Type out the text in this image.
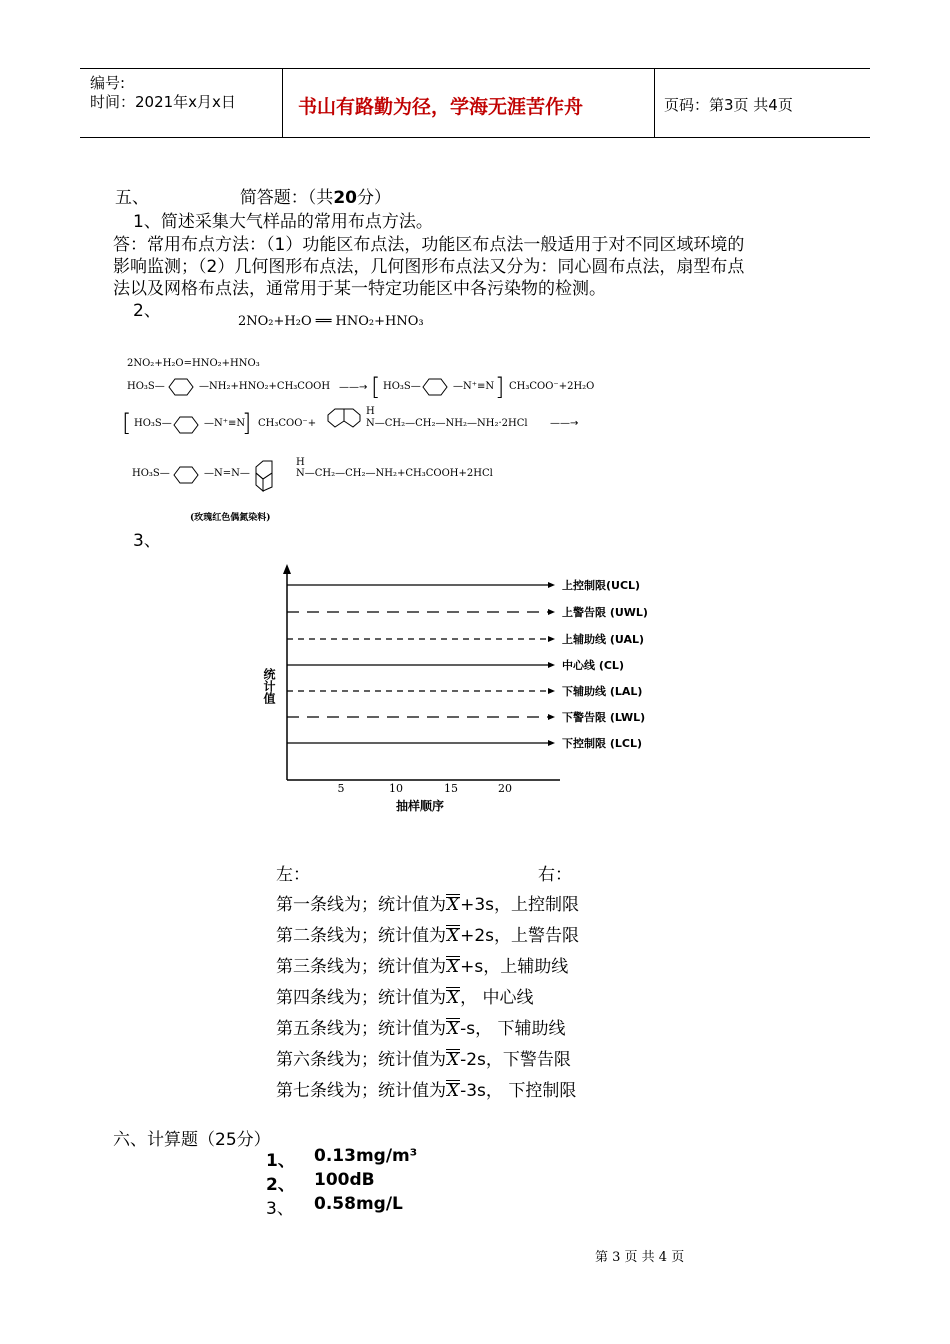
编号:
时间：2021年x月x日	书山有路勤为径，学海无涯苦作舟	页码：第3页 共4页
五、	简答题：（共20分）
1、简述采集大气样品的常用布点方法。
答：常用布点方法：（1）功能区布点法，功能区布点法一般适用于对不同区域环境的
影响监测；（2）几何图形布点法，几何图形布点法又分为：同心圆布点法，扇型布点
法以及网格布点法，通常用于某一特定功能区中各污染物的检测。
2、
2NO₂+H₂O ══ HNO₂+HNO₃
2NO₂+H₂O=HNO₂+HNO₃
HO₃S—	—NH₂+HNO₂+CH₃COOH ——→ [ HO₃S—	—N⁺≡N ] CH₃COO⁻+2H₂O
[ HO₃S—	—N⁺≡N
] CH₃COO⁻+
H
N—CH₂—CH₂—NH₂—NH₂·2HCl ——→
HO₃S—	—N=N—
H
N—CH₂—CH₂—NH₂+CH₃COOH+2HCl
(玫瑰红色偶氮染料)
3、
统计值
上控制限(UCL)
上警告限 (UWL)
上辅助线 (UAL)
中心线 (CL)
下辅助线 (LAL)
下警告限 (LWL)
下控制限 (LCL)
5	10	15	20
抽样顺序
左：	右：
第一条线为；统计值为X+3s，上控制限
第二条线为；统计值为X+2s，上警告限
第三条线为；统计值为X+s，上辅助线
第四条线为；统计值为X， 中心线
第五条线为；统计值为X-s， 下辅助线
第六条线为；统计值为X-2s，下警告限
第七条线为；统计值为X-3s， 下控制限
六、计算题（25分）
1、 0.13mg/m³
2、 100dB
3、 0.58mg/L
第 3 页 共 4 页
